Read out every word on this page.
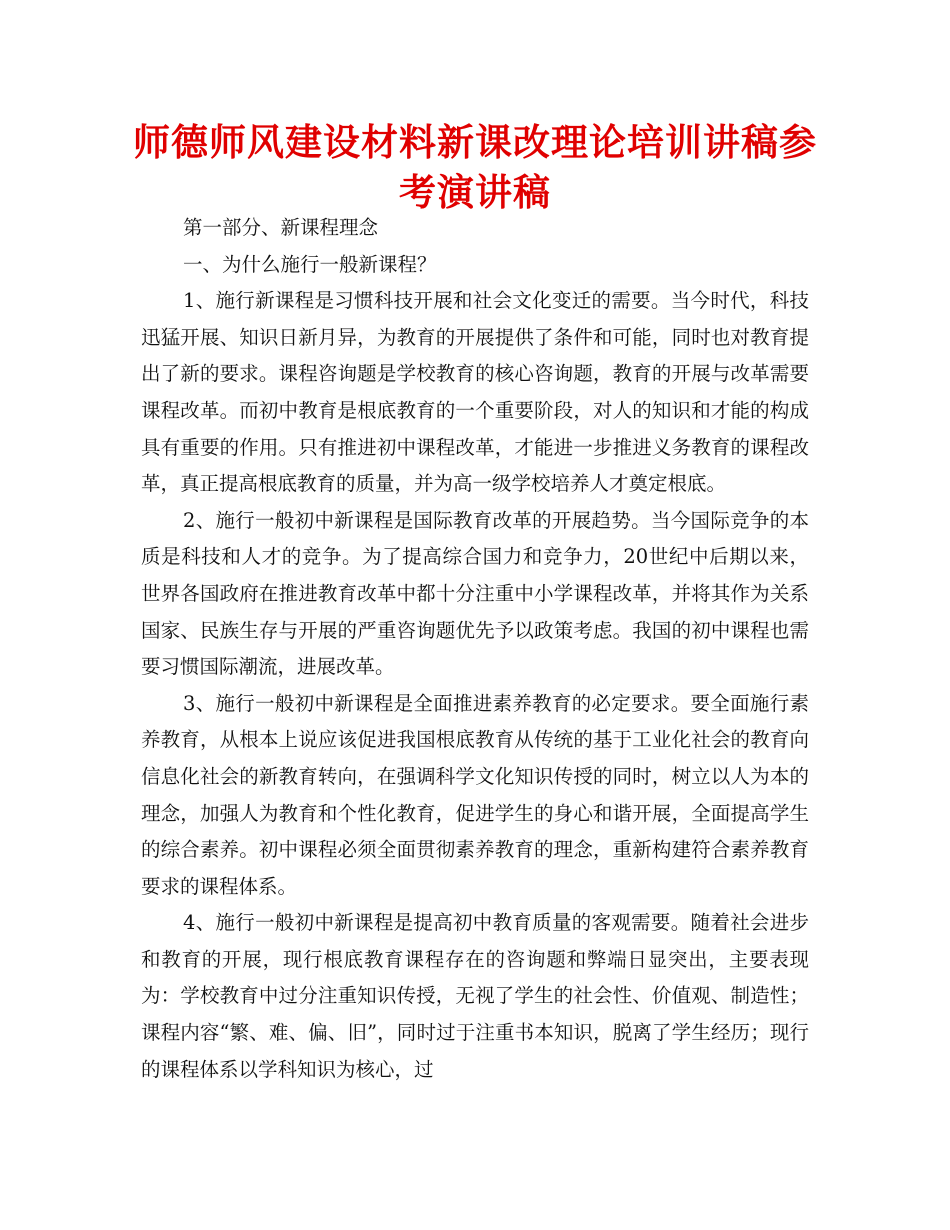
师德师风建设材料新课改理论培训讲稿参考演讲稿

第一部分、新课程理念

一、为什么施行一般新课程？

1、施行新课程是习惯科技开展和社会文化变迁的需要。当今时代，科技迅猛开展、知识日新月异，为教育的开展提供了条件和可能，同时也对教育提出了新的要求。课程咨询题是学校教育的核心咨询题，教育的开展与改革需要课程改革。而初中教育是根底教育的一个重要阶段，对人的知识和才能的构成具有重要的作用。只有推进初中课程改革，才能进一步推进义务教育的课程改革，真正提高根底教育的质量，并为高一级学校培养人才奠定根底。

2、施行一般初中新课程是国际教育改革的开展趋势。当今国际竞争的本质是科技和人才的竞争。为了提高综合国力和竞争力，20世纪中后期以来，世界各国政府在推进教育改革中都十分注重中小学课程改革，并将其作为关系国家、民族生存与开展的严重咨询题优先予以政策考虑。我国的初中课程也需要习惯国际潮流，进展改革。

3、施行一般初中新课程是全面推进素养教育的必定要求。要全面施行素养教育，从根本上说应该促进我国根底教育从传统的基于工业化社会的教育向信息化社会的新教育转向，在强调科学文化知识传授的同时，树立以人为本的理念，加强人为教育和个性化教育，促进学生的身心和谐开展，全面提高学生的综合素养。初中课程必须全面贯彻素养教育的理念，重新构建符合素养教育要求的课程体系。

4、施行一般初中新课程是提高初中教育质量的客观需要。随着社会进步和教育的开展，现行根底教育课程存在的咨询题和弊端日显突出，主要表现为：学校教育中过分注重知识传授，无视了学生的社会性、价值观、制造性；课程内容“繁、难、偏、旧”，同时过于注重书本知识，脱离了学生经历；现行的课程体系以学科知识为核心，过
